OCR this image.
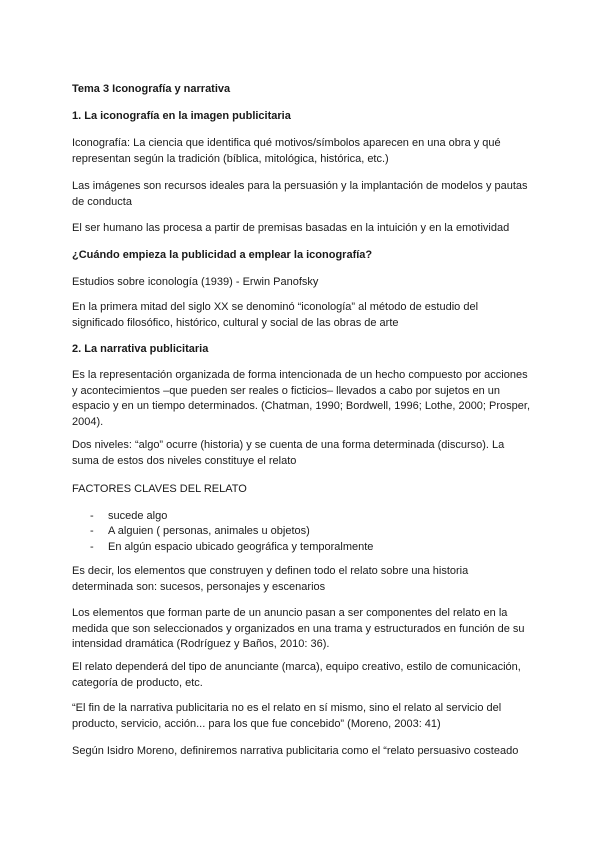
Tema 3 Iconografía y narrativa

1. La iconografía en la imagen publicitaria

Iconografía: La ciencia que identifica qué motivos/símbolos aparecen en una obra y qué representan según la tradición (bíblica, mitológica, histórica, etc.)

Las imágenes son recursos ideales para la persuasión y la implantación de modelos y pautas de conducta

El ser humano las procesa a partir de premisas basadas en la intuición y en la emotividad

¿Cuándo empieza la publicidad a emplear la iconografía?

Estudios sobre iconología (1939) - Erwin Panofsky

En la primera mitad del siglo XX se denominó “iconología” al método de estudio del significado filosófico, histórico, cultural y social de las obras de arte

2. La narrativa publicitaria

Es la representación organizada de forma intencionada de un hecho compuesto por acciones y acontecimientos –que pueden ser reales o ficticios– llevados a cabo por sujetos en un espacio y en un tiempo determinados. (Chatman, 1990; Bordwell, 1996; Lothe, 2000; Prosper, 2004).

Dos niveles: “algo” ocurre (historia) y se cuenta de una forma determinada (discurso). La suma de estos dos niveles constituye el relato

FACTORES CLAVES DEL RELATO

- sucede algo
- A alguien ( personas, animales u objetos)
- En algún espacio ubicado geográfica y temporalmente

Es decir, los elementos que construyen y definen todo el relato sobre una historia determinada son: sucesos, personajes y escenarios

Los elementos que forman parte de un anuncio pasan a ser componentes del relato en la medida que son seleccionados y organizados en una trama y estructurados en función de su intensidad dramática (Rodríguez y Baños, 2010: 36).

El relato dependerá del tipo de anunciante (marca), equipo creativo, estilo de comunicación, categoría de producto, etc.

“El fin de la narrativa publicitaria no es el relato en sí mismo, sino el relato al servicio del producto, servicio, acción... para los que fue concebido” (Moreno, 2003: 41)

Según Isidro Moreno, definiremos narrativa publicitaria como el “relato persuasivo costeado
